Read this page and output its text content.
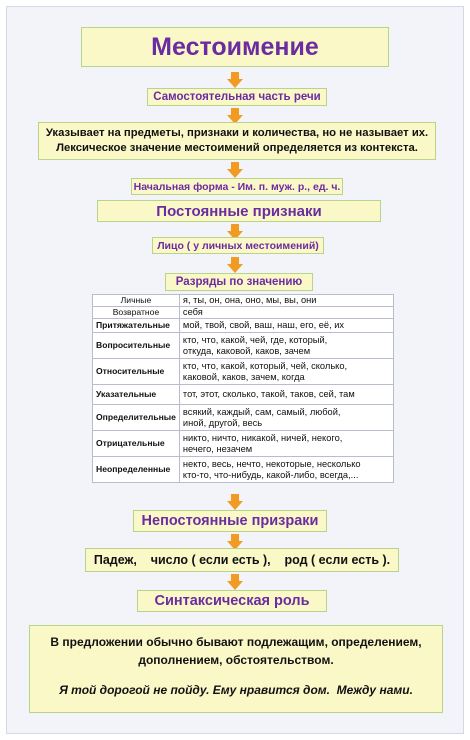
Местоимение
Самостоятельная часть речи
Указывает на предметы, признаки и количества, но не называет их.
Лексическое значение местоимений определяется из контекста.
Начальная форма - Им. п. муж. р., ед. ч.
Постоянные признаки
Лицо ( у личных местоимений)
Разряды по значению
Личные	я, ты, он, она, оно, мы, вы, они
Возвратное	себя
Притяжательные	мой, твой, свой, ваш, наш, его, её, их
Вопросительные	кто, что, какой, чей, где, который,
откуда, каковой, каков, зачем

Относительные	кто, что, какой, который, чей, сколько,
каковой, каков, зачем, когда

Указательные	тот, этот, сколько, такой, таков, сей, там
Определительные	всякий, каждый, сам, самый, любой,
иной, другой, весь

Отрицательные	никто, ничто, никакой, ничей, некого,
нечего, незачем

Неопределенные	некто, весь, нечто, некоторые, несколько
кто-то, что-нибудь, какой-либо, всегда,...
Непостоянные призраки
Падеж,    число ( если есть ),    род ( если есть ).
Синтаксическая роль
В предложении обычно бывают подлежащим, определением,
дополнением, обстоятельством.
Я той дорогой не пойду. Ему нравится дом.  Между нами.
